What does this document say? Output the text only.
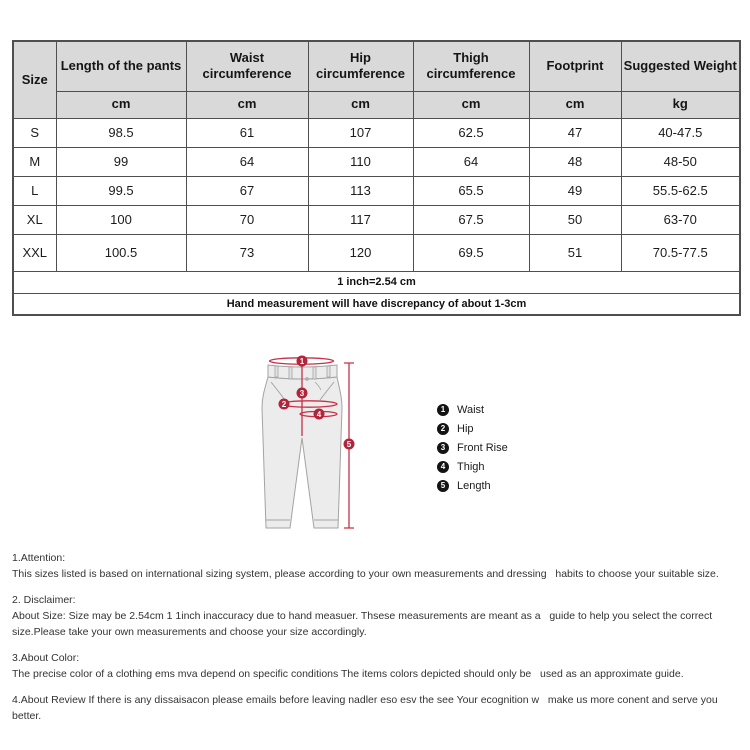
Size	Length of the pants	Waist circumference	Hip circumference	Thigh circumference	Footprint	Suggested Weight
	cm	cm	cm	cm	cm	kg
S	98.5	61	107	62.5	47	40-47.5
M	99	64	110	64	48	48-50
L	99.5	67	113	65.5	49	55.5-62.5
XL	100	70	117	67.5	50	63-70
XXL	100.5	73	120	69.5	51	70.5-77.5
1 inch=2.54 cm						
Hand measurement will have discrepancy of about 1-3cm						
1
3
2
4
5
1	Waist
2	Hip
3	Front Rise
4	Thigh
5	Length
1.Attention:
This sizes listed is based on international sizing system, please according to your own measurements and dressing   habits to choose your suitable size.
2. Disclaimer:
About Size: Size may be 2.54cm 1 1inch inaccuracy due to hand measuer. Thsese measurements are meant as a   guide to help you select the correct size.Please take your own measurements and choose your size accordingly.
3.About Color:
The precise color of a clothing ems mva depend on specific conditions The items colors depicted should only be   used as an approximate guide.
4.About Review If there is any dissaisacon please emails before leaving nadler eso esv the see Your ecognition w   make us more conent and serve you better.
